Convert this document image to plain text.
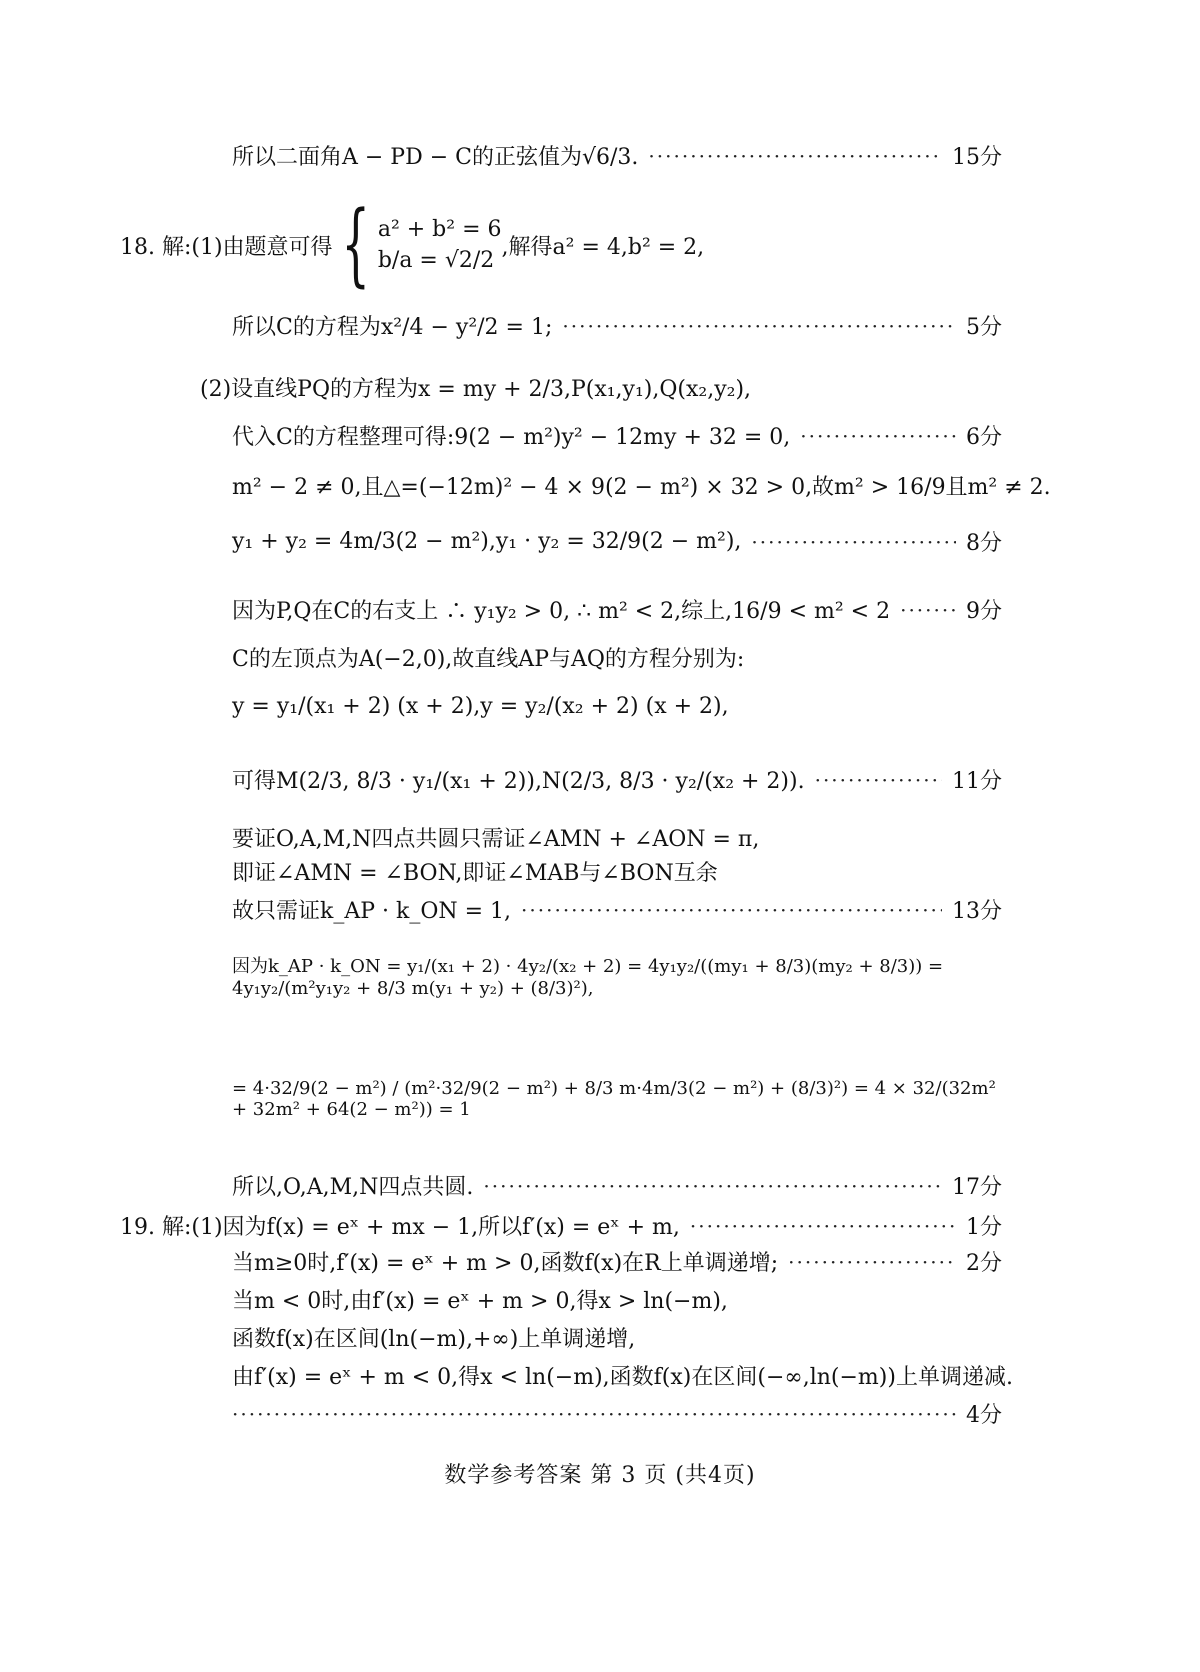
所以二面角A − PD − C的正弦值为√6/3. ·····	15分
18. 解:(1)由题意可得 { a² + b² = 6
b/a = √2/2
,解得a² = 4,b² = 2,
所以C的方程为x²/4 − y²/2 = 1; ·····	5分
(2)设直线PQ的方程为x = my + 2/3,P(x₁,y₁),Q(x₂,y₂),
代入C的方程整理可得:9(2 − m²)y² − 12my + 32 = 0, ·····	6分
m² − 2 ≠ 0,且△=(−12m)² − 4 × 9(2 − m²) × 32 > 0,故m² > 16/9且m² ≠ 2.
y₁ + y₂ = 4m/3(2 − m²),y₁ · y₂ = 32/9(2 − m²), ·····	8分
因为P,Q在C的右支上 ∴ y₁y₂ > 0, ∴ m² < 2,综上,16/9 < m² < 2 ·····	9分
C的左顶点为A(−2,0),故直线AP与AQ的方程分别为:
y = y₁/(x₁ + 2) (x + 2),y = y₂/(x₂ + 2) (x + 2),
可得M(2/3, 8/3 · y₁/(x₁ + 2)),N(2/3, 8/3 · y₂/(x₂ + 2)). ·····	11分
要证O,A,M,N四点共圆只需证∠AMN + ∠AON = π,
即证∠AMN = ∠BON,即证∠MAB与∠BON互余
故只需证k_AP · k_ON = 1, ·····	13分
因为k_AP · k_ON = y₁/(x₁ + 2) · 4y₂/(x₂ + 2) = 4y₁y₂/((my₁ + 8/3)(my₂ + 8/3)) = 4y₁y₂/(m²y₁y₂ + 8/3 m(y₁ + y₂) + (8/3)²),
= 4·32/9(2 − m²) / (m²·32/9(2 − m²) + 8/3 m·4m/3(2 − m²) + (8/3)²) = 4 × 32/(32m² + 32m² + 64(2 − m²)) = 1
所以,O,A,M,N四点共圆. ·····	17分
19. 解:(1)因为f(x) = eˣ + mx − 1,所以f′(x) = eˣ + m, ·····	1分
当m≥0时,f′(x) = eˣ + m > 0,函数f(x)在R上单调递增; ·····	2分
当m < 0时,由f′(x) = eˣ + m > 0,得x > ln(−m),
函数f(x)在区间(ln(−m),+∞)上单调递增,
由f′(x) = eˣ + m < 0,得x < ln(−m),函数f(x)在区间(−∞,ln(−m))上单调递减.
·····
4分
数学参考答案 第 3 页 (共4页)
